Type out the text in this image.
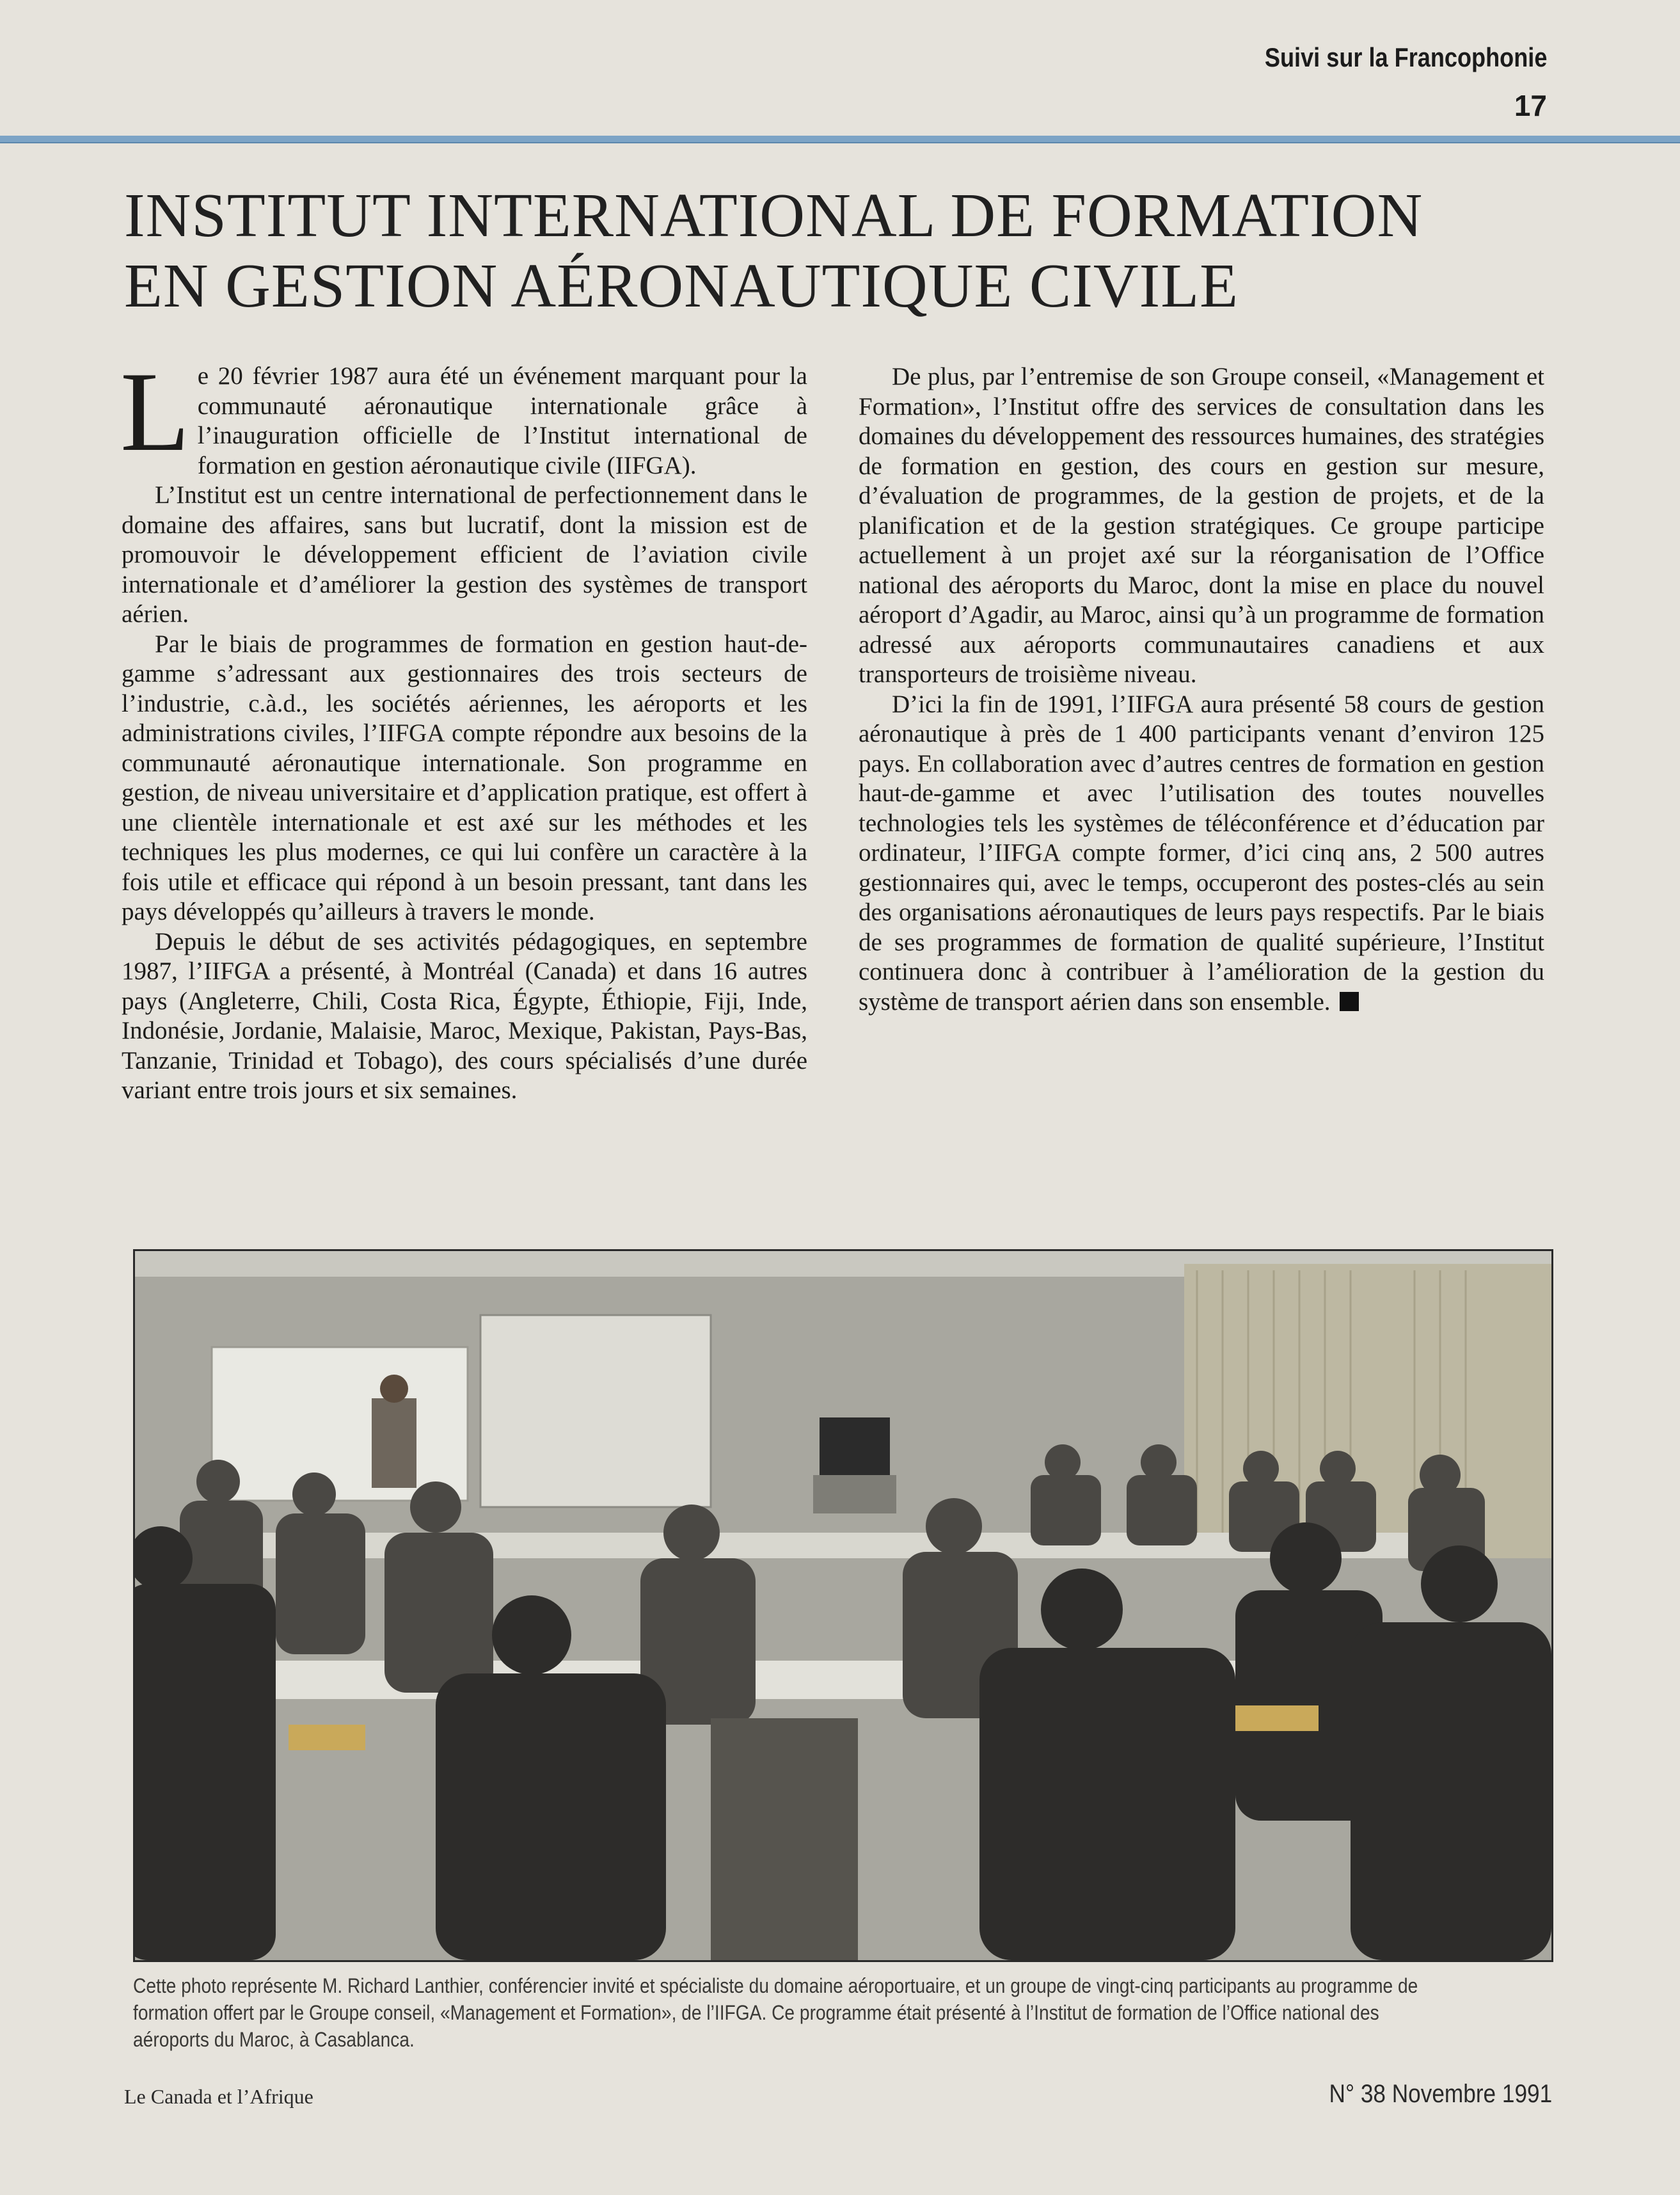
Suivi sur la Francophonie
17
INSTITUT INTERNATIONAL DE FORMATION
EN GESTION AÉRONAUTIQUE CIVILE

Le 20 février 1987 aura été un événement marquant pour la communauté aéronautique internationale grâce à l’inauguration officielle de l’Institut international de formation en gestion aéronautique civile (IIFGA).

L’Institut est un centre international de perfectionnement dans le domaine des affaires, sans but lucratif, dont la mission est de promouvoir le développement efficient de l’aviation civile internationale et d’améliorer la gestion des systèmes de transport aérien.

Par le biais de programmes de formation en gestion haut-de-gamme s’adressant aux gestionnaires des trois secteurs de l’industrie, c.à.d., les sociétés aériennes, les aéroports et les administrations civiles, l’IIFGA compte répondre aux besoins de la communauté aéronautique internationale. Son programme en gestion, de niveau universitaire et d’application pratique, est offert à une clientèle internationale et est axé sur les méthodes et les techniques les plus modernes, ce qui lui confère un caractère à la fois utile et efficace qui répond à un besoin pressant, tant dans les pays développés qu’ailleurs à travers le monde.

Depuis le début de ses activités pédagogiques, en septembre 1987, l’IIFGA a présenté, à Montréal (Canada) et dans 16 autres pays (Angleterre, Chili, Costa Rica, Égypte, Éthiopie, Fiji, Inde, Indonésie, Jordanie, Malaisie, Maroc, Mexique, Pakistan, Pays-Bas, Tanzanie, Trinidad et Tobago), des cours spécialisés d’une durée variant entre trois jours et six semaines.

De plus, par l’entremise de son Groupe conseil, «Management et Formation», l’Institut offre des services de consultation dans les domaines du développement des ressources humaines, des stratégies de formation en gestion, des cours en gestion sur mesure, d’évaluation de programmes, de la gestion de projets, et de la planification et de la gestion stratégiques. Ce groupe participe actuellement à un projet axé sur la réorganisation de l’Office national des aéroports du Maroc, dont la mise en place du nouvel aéroport d’Agadir, au Maroc, ainsi qu’à un programme de formation adressé aux aéroports communautaires canadiens et aux transporteurs de troisième niveau.

D’ici la fin de 1991, l’IIFGA aura présenté 58 cours de gestion aéronautique à près de 1 400 participants venant d’environ 125 pays. En collaboration avec d’autres centres de formation en gestion haut-de-gamme et avec l’utilisation des toutes nouvelles technologies tels les systèmes de téléconférence et d’éducation par ordinateur, l’IIFGA compte former, d’ici cinq ans, 2 500 autres gestionnaires qui, avec le temps, occuperont des postes-clés au sein des organisations aéronautiques de leurs pays respectifs. Par le biais de ses programmes de formation de qualité supérieure, l’Institut continuera donc à contribuer à l’amélioration de la gestion du système de transport aérien dans son ensemble.

Cette photo représente M. Richard Lanthier, conférencier invité et spécialiste du domaine aéroportuaire, et un groupe de vingt-cinq participants au programme de formation offert par le Groupe conseil, «Management et Formation», de l’IIFGA. Ce programme était présenté à l’Institut de formation de l’Office national des aéroports du Maroc, à Casablanca.
Le Canada et l’Afrique	N° 38 Novembre 1991
